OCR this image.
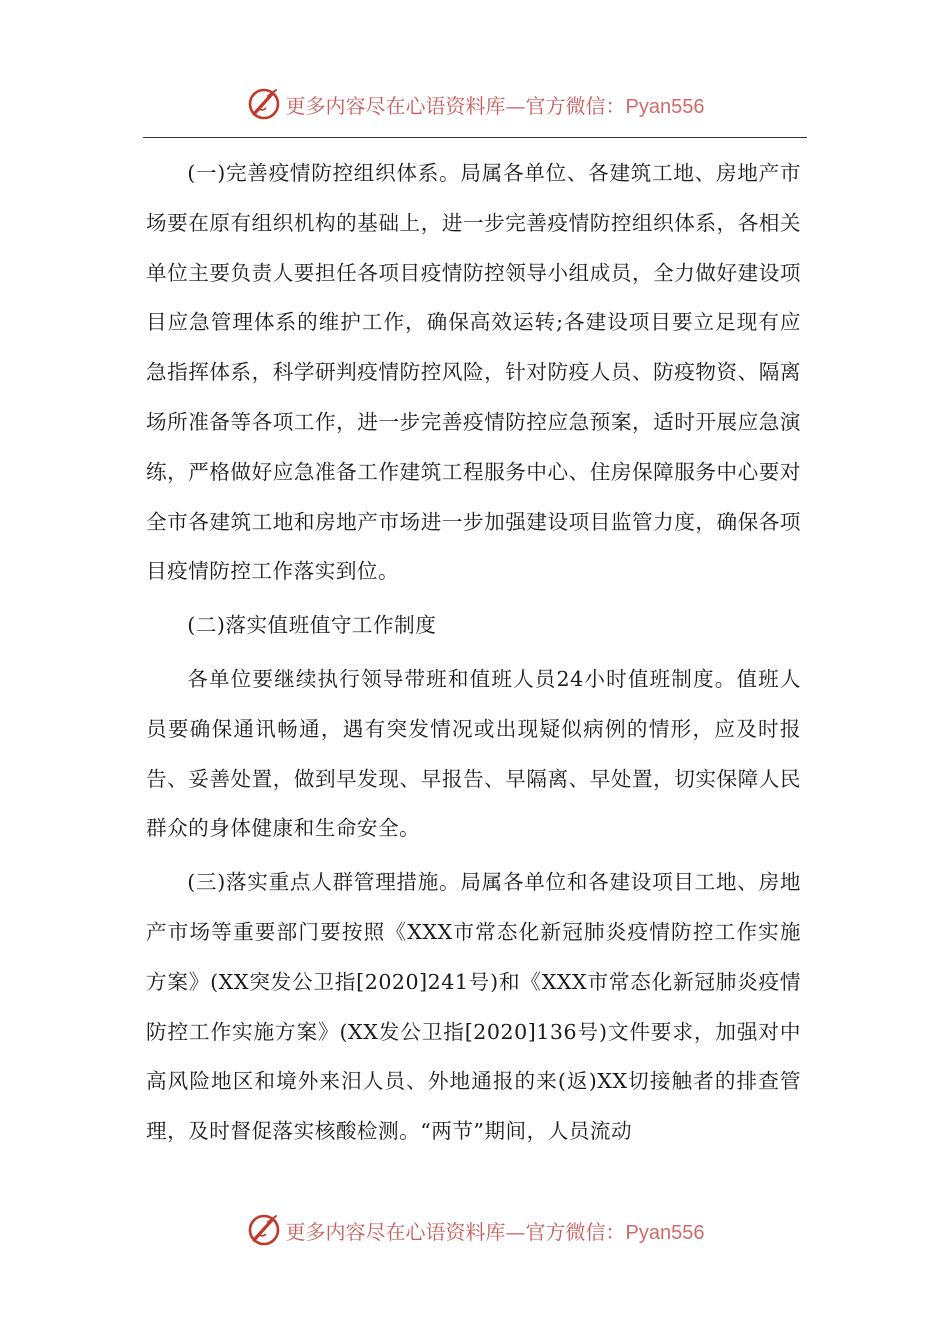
更多内容尽在心语资料库—官方微信：Pyan556

(一)完善疫情防控组织体系。局属各单位、各建筑工地、房地产市场要在原有组织机构的基础上，进一步完善疫情防控组织体系，各相关单位主要负责人要担任各项目疫情防控领导小组成员，全力做好建设项目应急管理体系的维护工作，确保高效运转;各建设项目要立足现有应急指挥体系，科学研判疫情防控风险，针对防疫人员、防疫物资、隔离场所准备等各项工作，进一步完善疫情防控应急预案，适时开展应急演练，严格做好应急准备工作建筑工程服务中心、住房保障服务中心要对全市各建筑工地和房地产市场进一步加强建设项目监管力度，确保各项目疫情防控工作落实到位。

(二)落实值班值守工作制度

各单位要继续执行领导带班和值班人员24小时值班制度。值班人员要确保通讯畅通，遇有突发情况或出现疑似病例的情形，应及时报告、妥善处置，做到早发现、早报告、早隔离、早处置，切实保障人民群众的身体健康和生命安全。

(三)落实重点人群管理措施。局属各单位和各建设项目工地、房地产市场等重要部门要按照《XXX市常态化新冠肺炎疫情防控工作实施方案》(XX突发公卫指[2020]241号)和《XXX市常态化新冠肺炎疫情防控工作实施方案》(XX发公卫指[2020]136号)文件要求，加强对中高风险地区和境外来汨人员、外地通报的来(返)XX切接触者的排查管理，及时督促落实核酸检测。“两节”期间，人员流动

更多内容尽在心语资料库—官方微信：Pyan556
